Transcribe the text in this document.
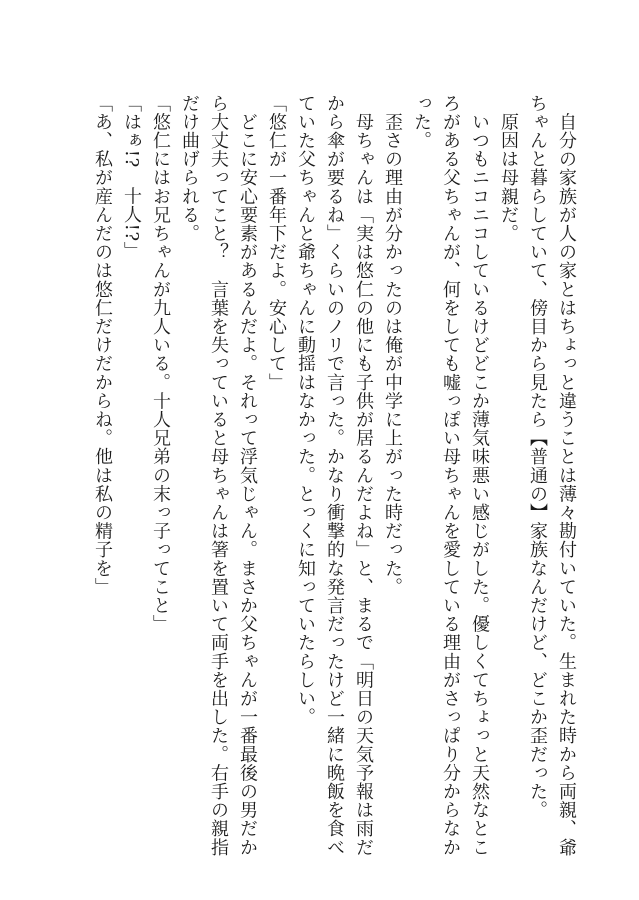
　自分の家族が人の家とはちょっと違うことは薄々勘付いていた。生まれた時から両親、爺
ちゃんと暮らしていて、傍目から見たら【普通の】家族なんだけど、どこか歪だった。
　原因は母親だ。
　いつもニコニコしているけどどこか薄気味悪い感じがした。優しくてちょっと天然なとこ
ろがある父ちゃんが、何をしても嘘っぽい母ちゃんを愛している理由がさっぱり分からなか
った。
　歪さの理由が分かったのは俺が中学に上がった時だった。
　母ちゃんは「実は悠仁の他にも子供が居るんだよね」と、まるで「明日の天気予報は雨だ
から傘が要るね」くらいのノリで言った。かなり衝撃的な発言だったけど一緒に晩飯を食べ
ていた父ちゃんと爺ちゃんに動揺はなかった。とっくに知っていたらしい。
「悠仁が一番年下だよ。安心して」
　どこに安心要素があるんだよ。それって浮気じゃん。まさか父ちゃんが一番最後の男だか
ら大丈夫ってこと？　言葉を失っていると母ちゃんは箸を置いて両手を出した。右手の親指
だけ曲げられる。
「悠仁にはお兄ちゃんが九人いる。十人兄弟の末っ子ってこと」
「はぁ!?　十人!?」
「あ、私が産んだのは悠仁だけだからね。他は私の精子を」
